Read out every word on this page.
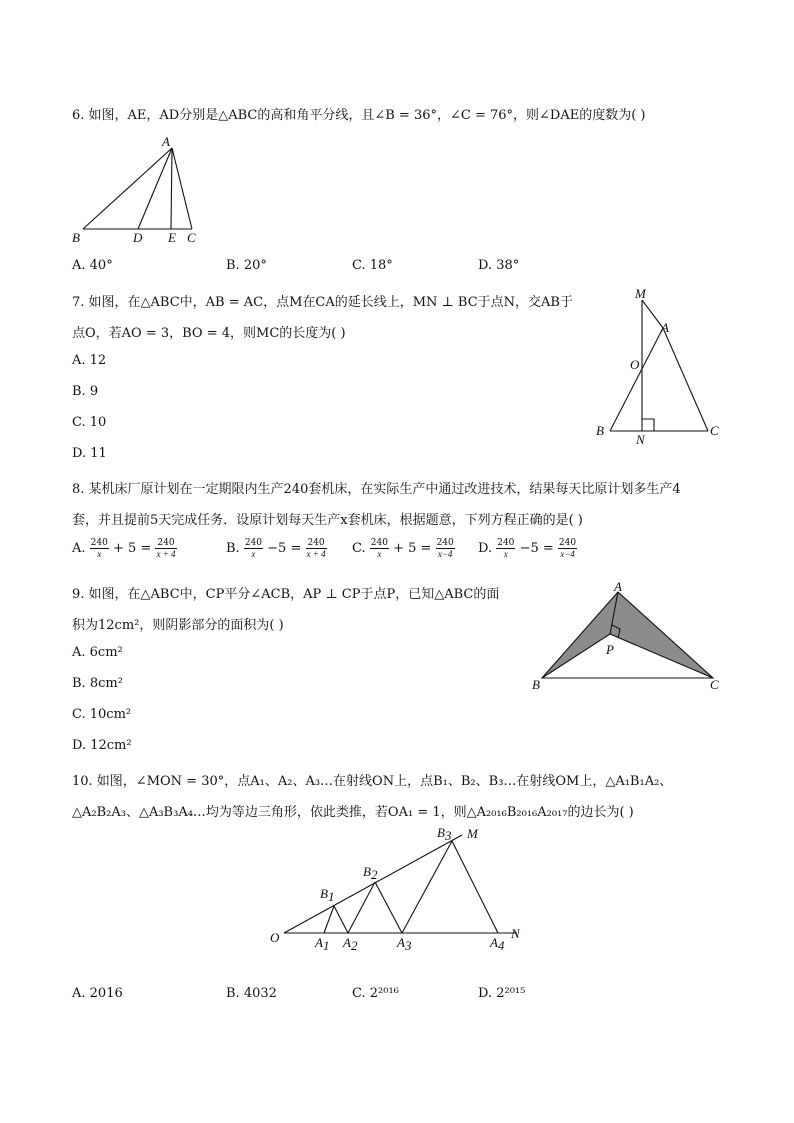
6. 如图，AE，AD分别是△ABC的高和角平分线，且∠B = 36°，∠C = 76°，则∠DAE的度数为( )
A
B	D E C
A. 40°	B. 20°	C. 18°	D. 38°
7. 如图，在△ABC中，AB = AC，点M在CA的延长线上，MN ⊥ BC于点N，交AB于
点O，若AO = 3，BO = 4，则MC的长度为( )
M
A
O
B
N
C
A. 12
B. 9
C. 10
D. 11
8. 某机床厂原计划在一定期限内生产240套机床，在实际生产中通过改进技术，结果每天比原计划多生产4
套，并且提前5天完成任务．设原计划每天生产x套机床，根据题意，下列方程正确的是( )
A. $\frac{240}{x} + 5 = \frac{240}{x + 4}$	B. $\frac{240}{x} -5 = \frac{240}{x + 4} C$. $\frac{240}{x} + 5 = \frac{240}{x-4} D$. $\frac{240}{x} -5 = \frac{240}{x-4}$
9. 如图，在△ABC中，CP平分∠ACB，AP ⊥ CP于点P，已知△ABC的面
积为12cm²，则阴影部分的面积为( )
A
P
B	C
A. 6cm²
B. 8cm²
C. 10cm²
D. 12cm²
10. 如图，∠MON = 30°，点A₁、A₂、A₃…在射线ON上，点B₁、B₂、B₃…在射线OM上，△A₁B₁A₂、
△A₂B₂A₃、△A₃B₃A₄…均为等边三角形，依此类推，若OA₁ = 1，则△A₂₀₁₆B₂₀₁₆A₂₀₁₇的边长为( )
O
M
N
A1 A2	A3	A4
B1
B2
B3
A. 2016	B. 4032	C. 2²⁰¹⁶	D. 2²⁰¹⁵
